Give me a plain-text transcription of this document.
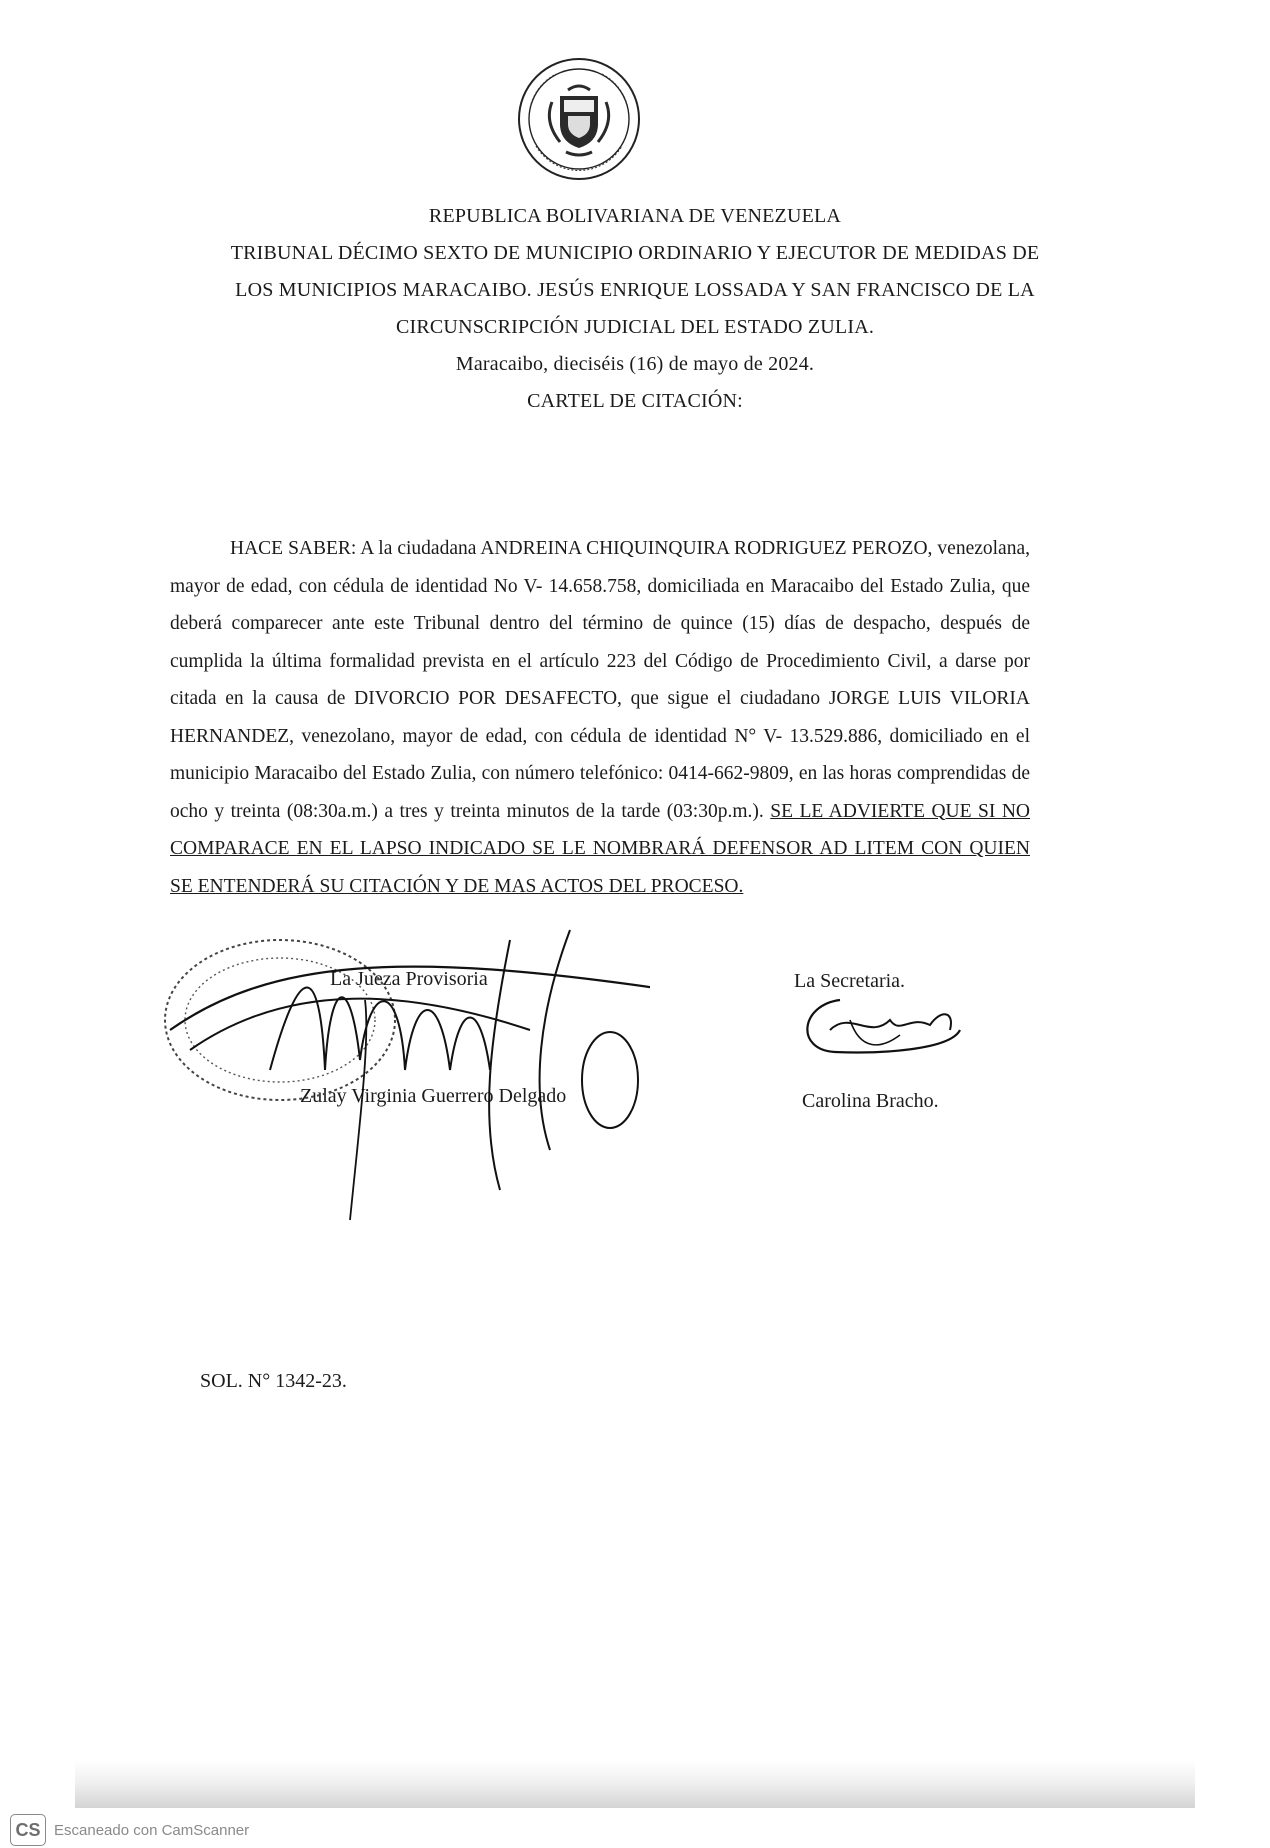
REPUBLICA BOLIVARIANA DE VENEZUELA
TRIBUNAL DÉCIMO SEXTO DE MUNICIPIO ORDINARIO Y EJECUTOR DE MEDIDAS DE
LOS MUNICIPIOS MARACAIBO. JESÚS ENRIQUE LOSSADA Y SAN FRANCISCO DE LA
CIRCUNSCRIPCIÓN JUDICIAL DEL ESTADO ZULIA.
Maracaibo, dieciséis (16) de mayo de 2024.
CARTEL DE CITACIÓN:
HACE SABER: A la ciudadana ANDREINA CHIQUINQUIRA RODRIGUEZ PEROZO, venezolana, mayor de edad, con cédula de identidad No V- 14.658.758, domiciliada en Maracaibo del Estado Zulia, que deberá comparecer ante este Tribunal dentro del término de quince (15) días de despacho, después de cumplida la última formalidad prevista en el artículo 223 del Código de Procedimiento Civil, a darse por citada en la causa de DIVORCIO POR DESAFECTO, que sigue el ciudadano JORGE LUIS VILORIA HERNANDEZ, venezolano, mayor de edad, con cédula de identidad N° V- 13.529.886, domiciliado en el municipio Maracaibo del Estado Zulia, con número telefónico: 0414-662-9809, en las horas comprendidas de ocho y treinta (08:30a.m.) a tres y treinta minutos de la tarde (03:30p.m.). SE LE ADVIERTE QUE SI NO COMPARACE EN EL LAPSO INDICADO SE LE NOMBRARÁ DEFENSOR AD LITEM CON QUIEN SE ENTENDERÁ SU CITACIÓN Y DE MAS ACTOS DEL PROCESO.
La Jueza Provisoria
Zulay Virginia Guerrero Delgado
La Secretaria.
Carolina Bracho.
SOL. N° 1342-23.
CS Escaneado con CamScanner
